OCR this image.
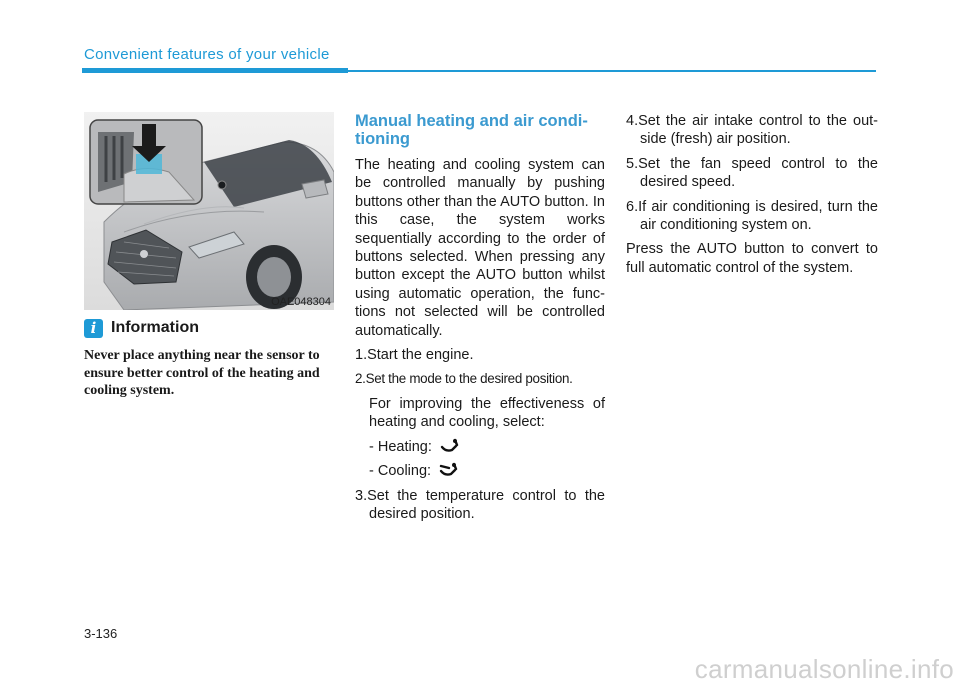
Convenient features of your vehicle
OAE048304
i Information
Never place anything near the sensor to ensure better control of the heating and cooling system.
Manual heating and air condi-tioning
The heating and cooling system can be controlled manually by pushing buttons other than the AUTO button. In this case, the system works sequentially according to the order of buttons selected. When pressing any button except the AUTO button whilst using automatic operation, the func-tions not selected will be controlled automatically.
1.Start the engine.
2.Set the mode to the desired position.
For improving the effectiveness of heating and cooling, select:
- Heating:
- Cooling:
3.Set the temperature control to the desired position.
4.Set the air intake control to the out-side (fresh) air position.
5.Set the fan speed control to the desired speed.
6.If air conditioning is desired, turn the air conditioning system on.
Press the AUTO button to convert to full automatic control of the system.
3-136
carmanualsonline.info
